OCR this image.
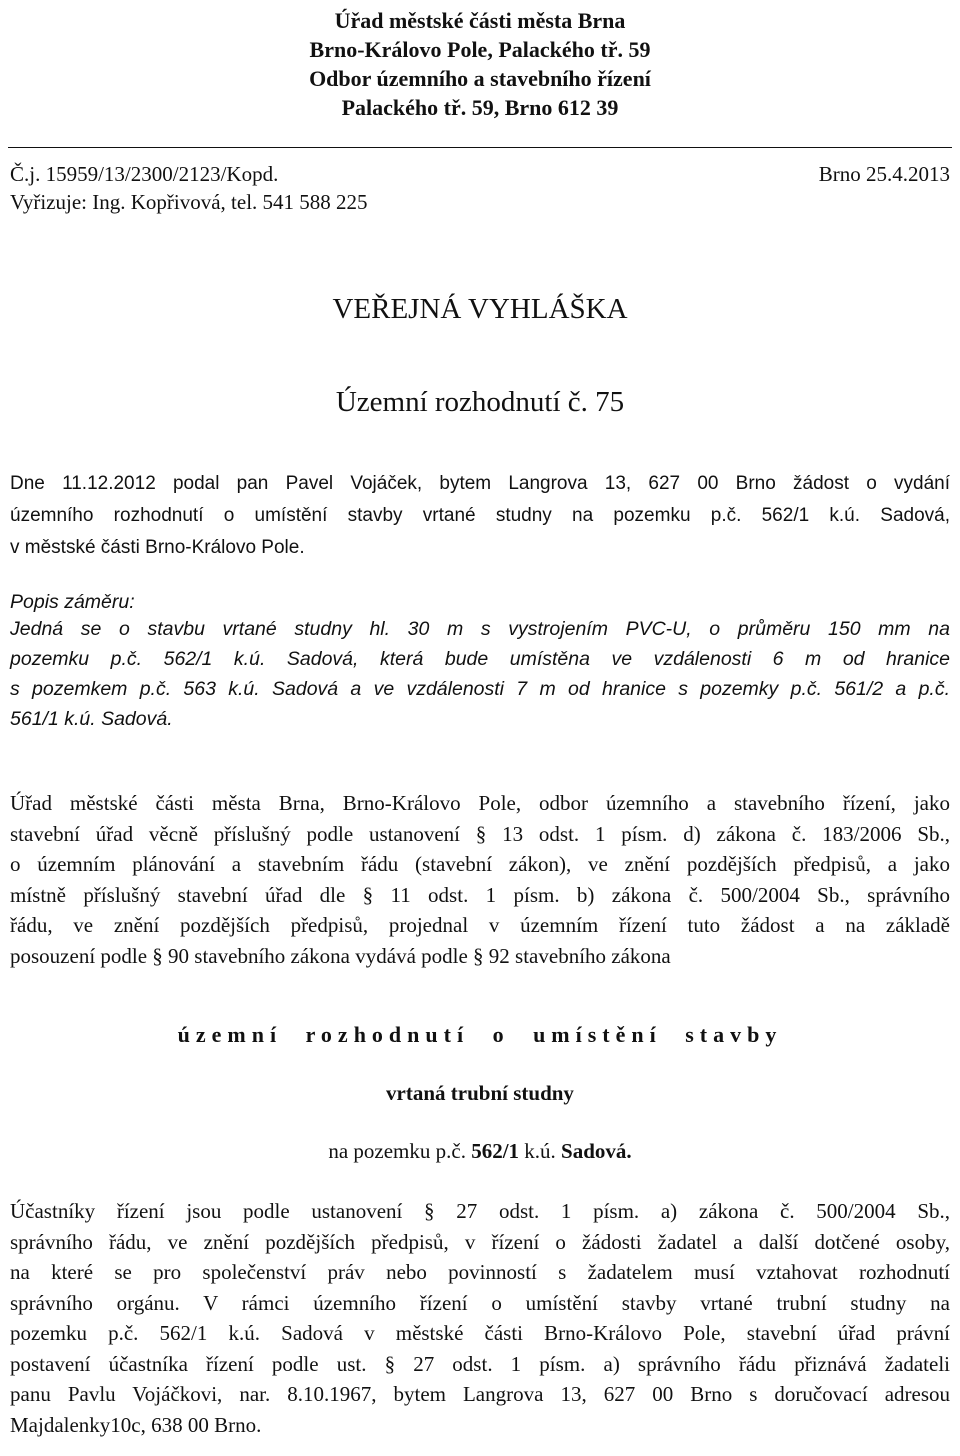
Úřad městské části města Brna
Brno-Královo Pole, Palackého tř. 59
Odbor územního a stavebního řízení
Palackého tř. 59, Brno 612 39
Č.j. 15959/13/2300/2123/Kopd.	Brno 25.4.2013
Vyřizuje: Ing. Kopřivová, tel. 541 588 225
VEŘEJNÁ VYHLÁŠKA
Územní rozhodnutí č. 75
Dne 11.12.2012 podal pan Pavel Vojáček, bytem Langrova 13, 627 00 Brno žádost o vydání
územního rozhodnutí o umístění stavby vrtané studny na pozemku p.č. 562/1 k.ú. Sadová,
v městské části Brno-Královo Pole.
Popis záměru:
Jedná se o stavbu vrtané studny hl. 30 m s vystrojením PVC-U, o průměru 150 mm na
pozemku p.č. 562/1 k.ú. Sadová, která bude umístěna ve vzdálenosti 6 m od hranice
s pozemkem p.č. 563 k.ú. Sadová a ve vzdálenosti 7 m od hranice s pozemky p.č. 561/2 a p.č.
561/1 k.ú. Sadová.
Úřad městské části města Brna, Brno-Královo Pole, odbor územního a stavebního řízení, jako
stavební úřad věcně příslušný podle ustanovení § 13 odst. 1 písm. d) zákona č. 183/2006 Sb.,
o územním plánování a stavebním řádu (stavební zákon), ve znění pozdějších předpisů, a jako
místně příslušný stavební úřad dle § 11 odst. 1 písm. b) zákona č. 500/2004 Sb., správního
řádu, ve znění pozdějších předpisů, projednal v územním řízení tuto žádost a na základě
posouzení podle § 90 stavebního zákona vydává podle § 92 stavebního zákona
územní rozhodnutí o umístění stavby
vrtaná trubní studny
na pozemku p.č. 562/1 k.ú. Sadová.
Účastníky řízení jsou podle ustanovení § 27 odst. 1 písm. a) zákona č. 500/2004 Sb.,
správního řádu, ve znění pozdějších předpisů, v řízení o žádosti žadatel a další dotčené osoby,
na které se pro společenství práv nebo povinností s žadatelem musí vztahovat rozhodnutí
správního orgánu. V rámci územního řízení o umístění stavby vrtané trubní studny na
pozemku p.č. 562/1 k.ú. Sadová v městské části Brno-Královo Pole, stavební úřad právní
postavení účastníka řízení podle ust. § 27 odst. 1 písm. a) správního řádu přiznává žadateli
panu Pavlu Vojáčkovi, nar. 8.10.1967, bytem Langrova 13, 627 00 Brno s doručovací adresou
Majdalenky10c, 638 00 Brno.
